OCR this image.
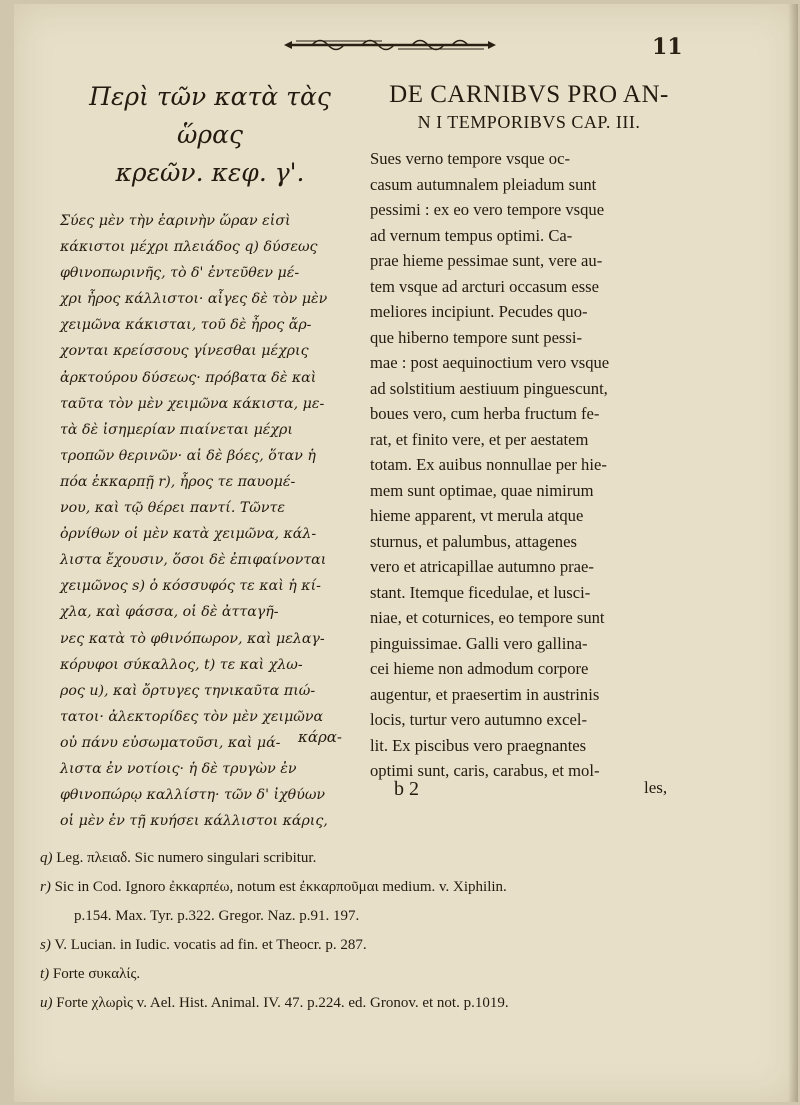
11
Περὶ τῶν κατὰ τὰς ὥρας
κρεῶν. κεφ. γ'.
Σύες μὲν τὴν ἐαρινὴν ὥραν εἰσὶ
κάκιστοι μέχρι πλειάδος q) δύσεως
φθινοπωρινῆς, τὸ δ' ἐντεῦθεν μέ-
χρι ἦρος κάλλιστοι· αἶγες δὲ τὸν μὲν
χειμῶνα κάκισται, τοῦ δὲ ἦρος ἄρ-
χονται κρείσσους γίνεσθαι μέχρις
ἀρκτούρου δύσεως· πρόβατα δὲ καὶ
ταῦτα τὸν μὲν χειμῶνα κάκιστα, με-
τὰ δὲ ἰσημερίαν πιαίνεται μέχρι
τροπῶν θερινῶν· αἱ δὲ βόες, ὅταν ἡ
πόα ἐκκαρπῇ r), ἦρος τε παυομέ-
νου, καὶ τῷ θέρει παντί. Τῶντε
ὀρνίθων οἱ μὲν κατὰ χειμῶνα, κάλ-
λιστα ἔχουσιν, ὅσοι δὲ ἐπιφαίνονται
χειμῶνος s) ὁ κόσσυφός τε καὶ ἡ κί-
χλα, καὶ φάσσα, οἱ δὲ ἀτταγῆ-
νες κατὰ τὸ φθινόπωρον, καὶ μελαγ-
κόρυφοι σύκαλλος, t) τε καὶ χλω-
ρος u), καὶ ὄρτυγες τηνικαῦτα πιώ-
τατοι· ἀλεκτορίδες τὸν μὲν χειμῶνα
οὐ πάνυ εὐσωματοῦσι, καὶ μά-
λιστα ἐν νοτίοις· ἡ δὲ τρυγὼν ἐν
φθινοπώρῳ καλλίστη· τῶν δ' ἰχθύων
οἱ μὲν ἐν τῇ κυήσει κάλλιστοι κάρις,
κάρα-
DE CARNIBVS PRO AN-
N I TEMPORIBVS CAP. III.
Sues verno tempore vsque oc-
casum autumnalem pleiadum sunt
pessimi : ex eo vero tempore vsque
ad vernum tempus optimi. Ca-
prae hieme pessimae sunt, vere au-
tem vsque ad arcturi occasum esse
meliores incipiunt. Pecudes quo-
que hiberno tempore sunt pessi-
mae : post aequinoctium vero vsque
ad solstitium aestiuum pinguescunt,
boues vero, cum herba fructum fe-
rat, et finito vere, et per aestatem
totam. Ex auibus nonnullae per hie-
mem sunt optimae, quae nimirum
hieme apparent, vt merula atque
sturnus, et palumbus, attagenes
vero et atricapillae autumno prae-
stant. Itemque ficedulae, et lusci-
niae, et coturnices, eo tempore sunt
pinguissimae. Galli vero gallina-
cei hieme non admodum corpore
augentur, et praesertim in austrinis
locis, turtur vero autumno excel-
lit. Ex piscibus vero praegnantes
optimi sunt, caris, carabus, et mol-
b 2	les,
q) Leg. πλειαδ. Sic numero singulari scribitur.
r) Sic in Cod. Ignoro ἐκκαρπέω, notum est ἐκκαρποῦμαι medium. v. Xiphilin.
p.154. Max. Tyr. p.322. Gregor. Naz. p.91. 197.
s) V. Lucian. in Iudic. vocatis ad fin. et Theocr. p. 287.
t) Forte συκαλίς.
u) Forte χλωρὶς v. Ael. Hist. Animal. IV. 47. p.224. ed. Gronov. et not. p.1019.
